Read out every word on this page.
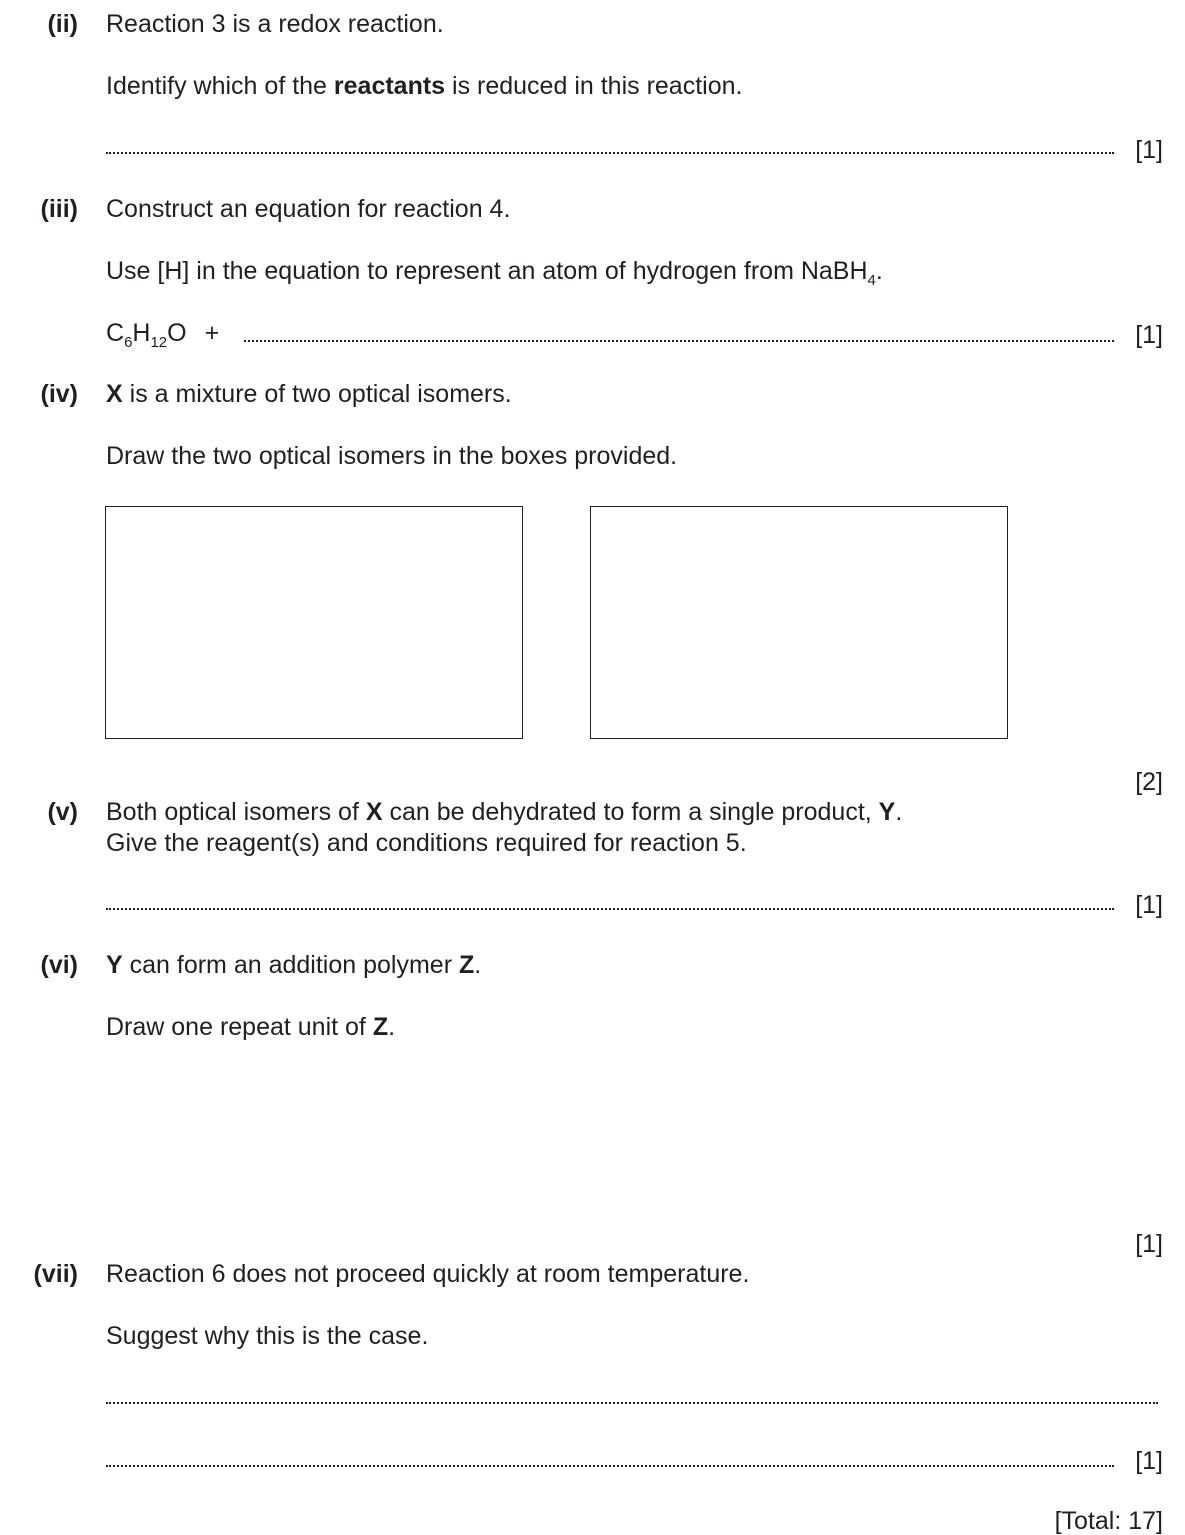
(ii) Reaction 3 is a redox reaction.
Identify which of the reactants is reduced in this reaction.
[1]
(iii) Construct an equation for reaction 4.
Use [H] in the equation to represent an atom of hydrogen from NaBH$_4$.
$C_6H_{12}O$ +	[1]
(iv) X is a mixture of two optical isomers.
Draw the two optical isomers in the boxes provided.
[2]
(v) Both optical isomers of X can be dehydrated to form a single product, Y.
Give the reagent(s) and conditions required for reaction 5.
[1]
(vi) Y can form an addition polymer Z.
Draw one repeat unit of Z.
[1]
(vii) Reaction 6 does not proceed quickly at room temperature.
Suggest why this is the case.
[1]
[Total: 17]
